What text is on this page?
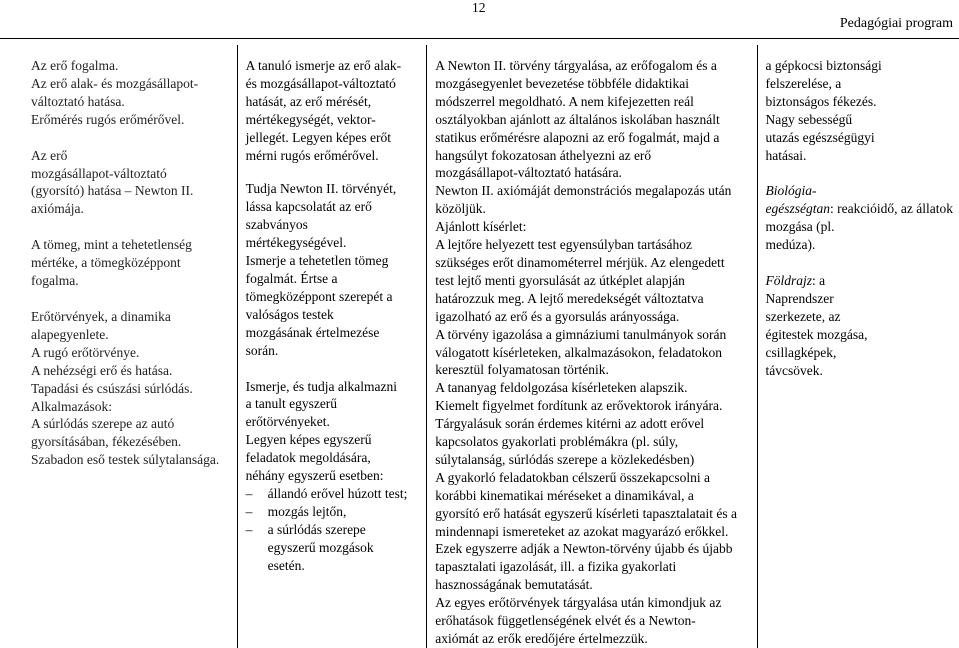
12
Pedagógiai program
Az erő fogalma.
Az erő alak- és mozgásállapot-
változtató hatása.
Erőmérés rugós erőmérővel.
Az erő
mozgásállapot-változtató
(gyorsító) hatása – Newton II.
axiómája.
A tömeg, mint a tehetetlenség
mértéke, a tömegközéppont
fogalma.
Erőtörvények, a dinamika
alapegyenlete.
A rugó erőtörvénye.
A nehézségi erő és hatása.
Tapadási és csúszási súrlódás.
Alkalmazások:
A súrlódás szerepe az autó
gyorsításában, fékezésében.
Szabadon eső testek súlytalansága.

A tanuló ismerje az erő alak-
és mozgásállapot-változtató
hatását, az erő mérését,
mértékegységét, vektor-
jellegét. Legyen képes erőt
mérni rugós erőmérővel.
Tudja Newton II. törvényét,
lássa kapcsolatát az erő
szabványos
mértékegységével.
Ismerje a tehetetlen tömeg
fogalmát. Értse a
tömegközéppont szerepét a
valóságos testek
mozgásának értelmezése
során.
Ismerje, és tudja alkalmazni
a tanult egyszerű
erőtörvényeket.
Legyen képes egyszerű
feladatok megoldására,
néhány egyszerű esetben:
– állandó erővel húzott test;
– mozgás lejtőn,
– a súrlódás szerepe
egyszerű mozgások
esetén.

A Newton II. törvény tárgyalása, az erőfogalom és a
mozgásegyenlet bevezetése többféle didaktikai
módszerrel megoldható. A nem kifejezetten reál
osztályokban ajánlott az általános iskolában használt
statikus erőmérésre alapozni az erő fogalmát, majd a
hangsúlyt fokozatosan áthelyezni az erő
mozgásállapot-változtató hatására.
Newton II. axiómáját demonstrációs megalapozás után
közöljük.
Ajánlott kísérlet:
A lejtőre helyezett test egyensúlyban tartásához
szükséges erőt dinamométerrel mérjük. Az elengedett
test lejtő menti gyorsulását az útképlet alapján
határozzuk meg. A lejtő meredekségét változtatva
igazolható az erő és a gyorsulás arányossága.
A törvény igazolása a gimnáziumi tanulmányok során
válogatott kísérleteken, alkalmazásokon, feladatokon
keresztül folyamatosan történik.
A tananyag feldolgozása kísérleteken alapszik.
Kiemelt figyelmet fordítunk az erővektorok irányára.
Tárgyalásuk során érdemes kitérni az adott erővel
kapcsolatos gyakorlati problémákra (pl. súly,
súlytalanság, súrlódás szerepe a közlekedésben)
A gyakorló feladatokban célszerű összekapcsolni a
korábbi kinematikai méréseket a dinamikával, a
gyorsító erő hatását egyszerű kísérleti tapasztalatait és a
mindennapi ismereteket az azokat magyarázó erőkkel.
Ezek egyszerre adják a Newton-törvény újabb és újabb
tapasztalati igazolását, ill. a fizika gyakorlati
hasznosságának bemutatását.
Az egyes erőtörvények tárgyalása után kimondjuk az
erőhatások függetlenségének elvét és a Newton-
axiómát az erők eredőjére értelmezzük.

a gépkocsi biztonsági
felszerelése, a
biztonságos fékezés.
Nagy sebességű
utazás egészségügyi
hatásai.
Biológia-
egészségtan: reakcióidő, az állatok
mozgása (pl.
medúza).
Földrajz: a
Naprendszer
szerkezete, az
égitestek mozgása,
csillagképek,
távcsövek.
